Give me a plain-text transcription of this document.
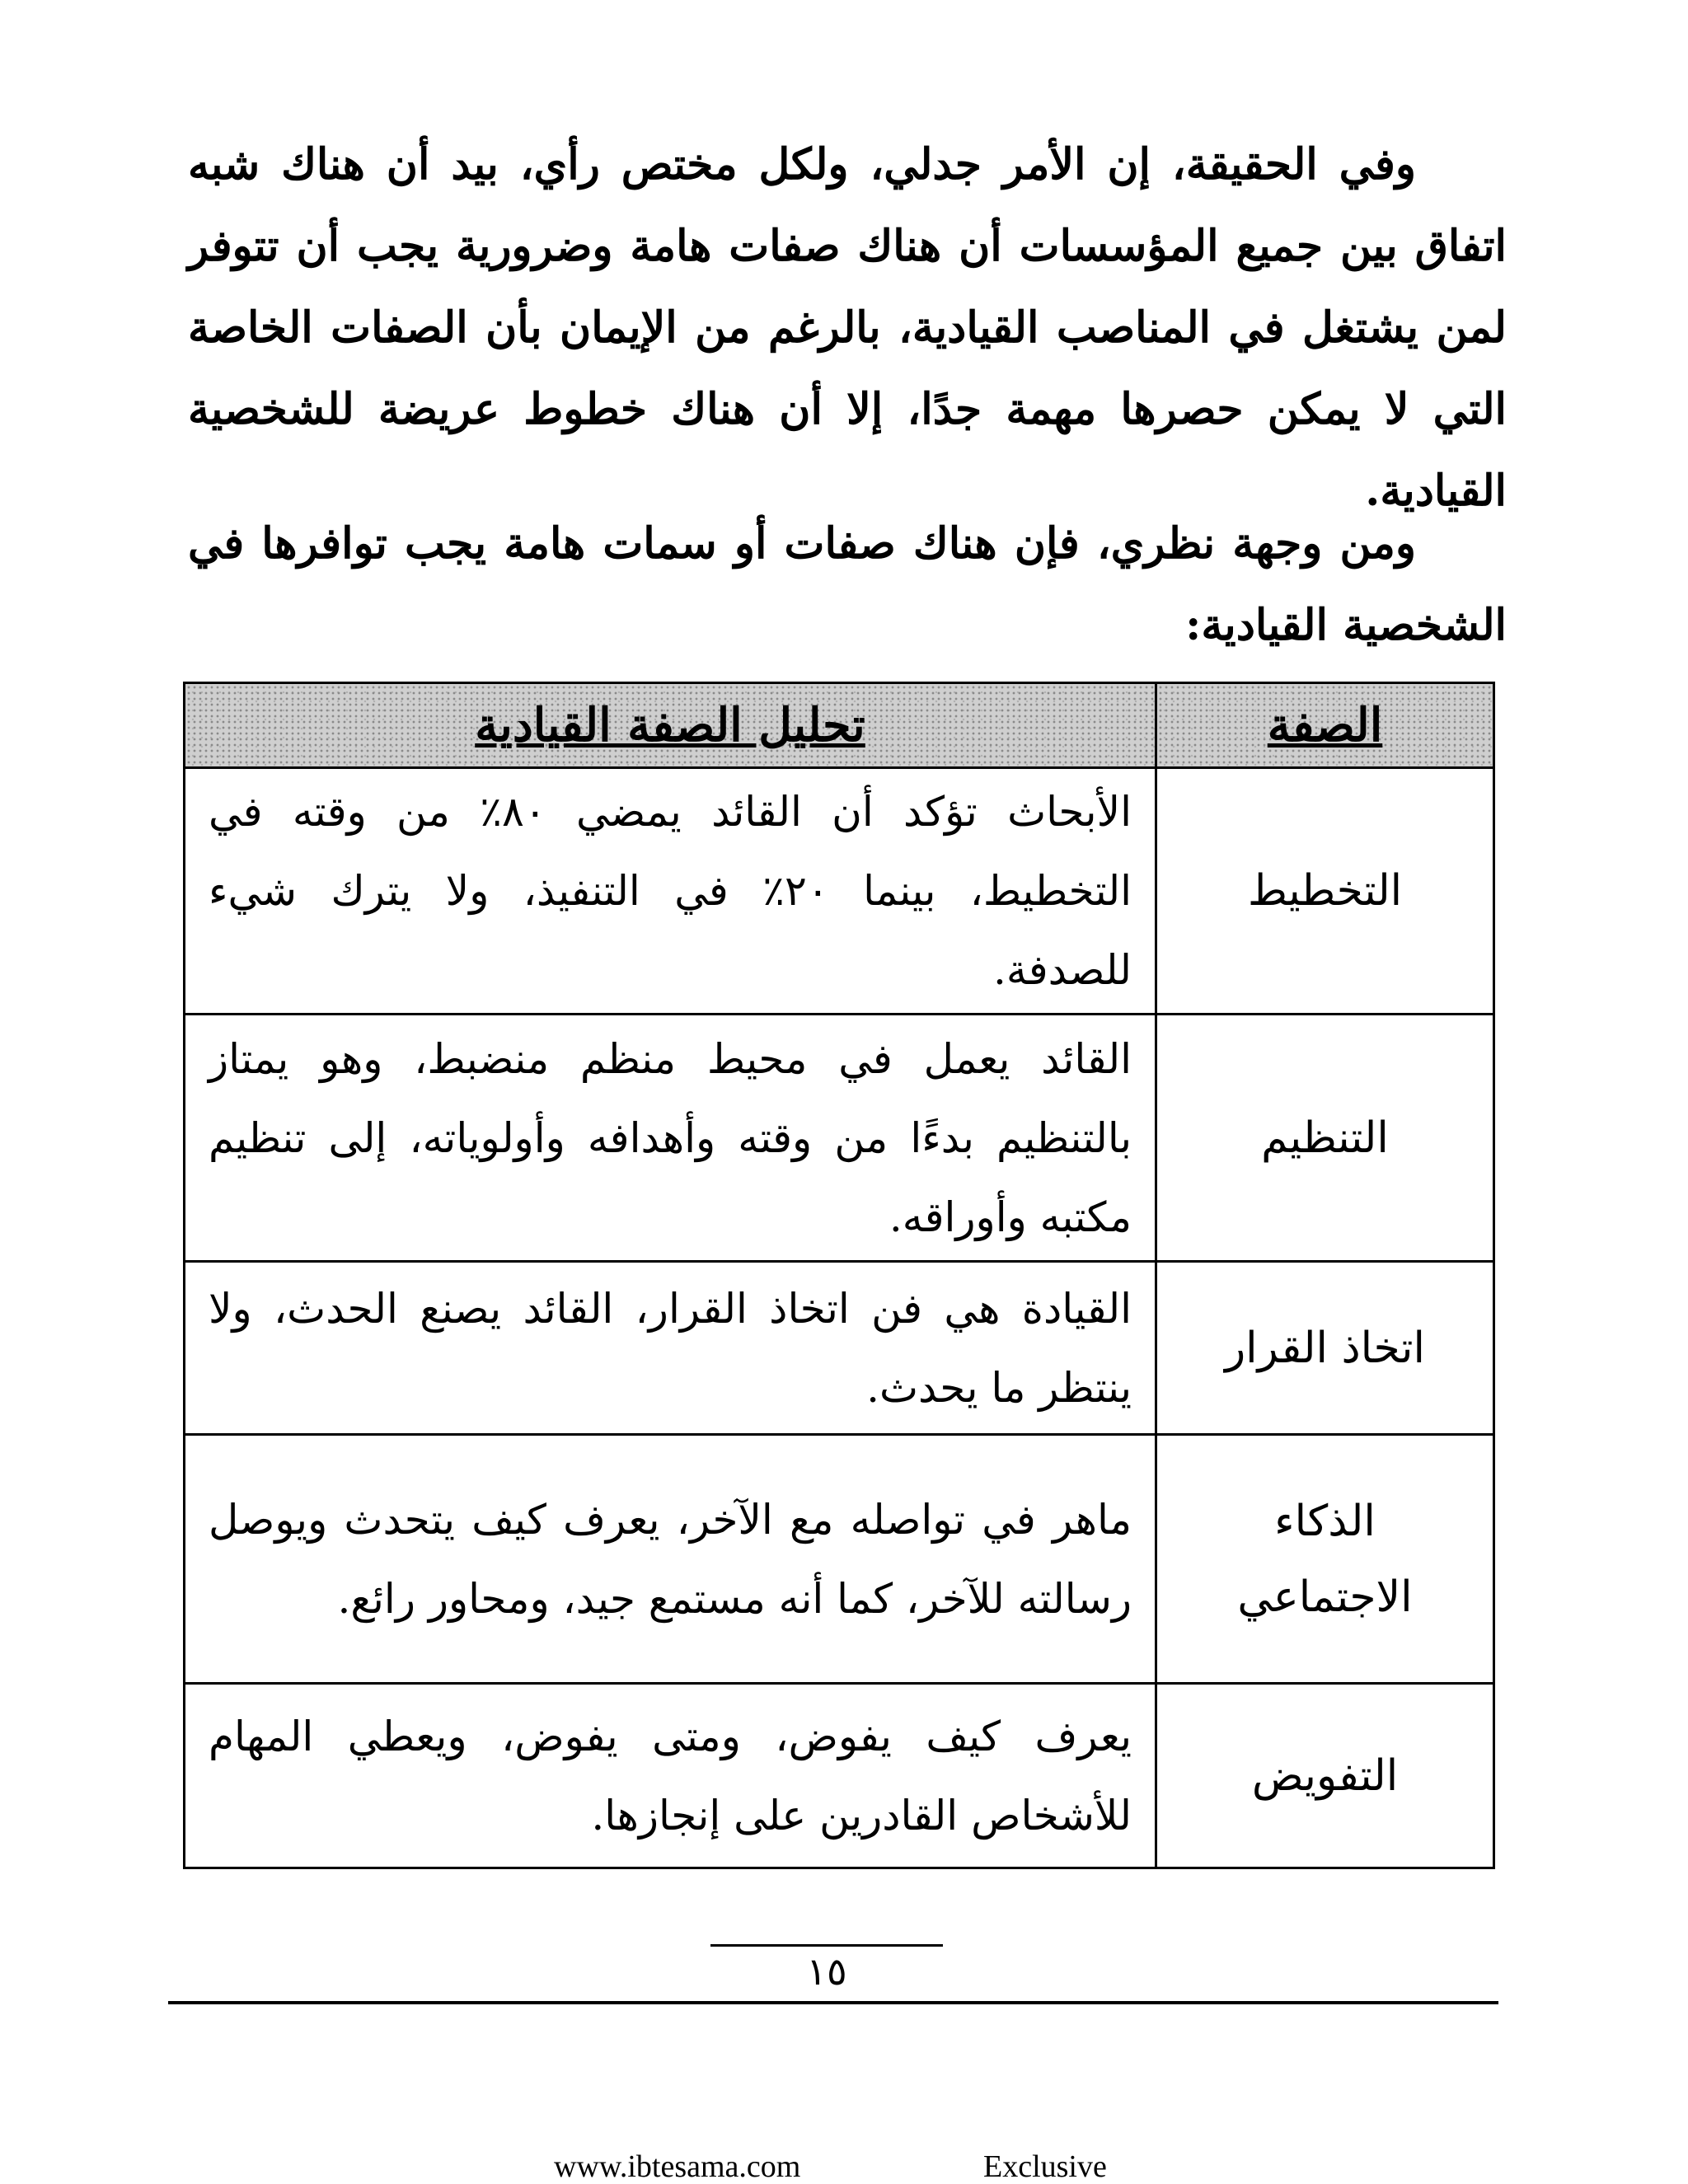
وفي الحقيقة، إن الأمر جدلي، ولكل مختص رأي، بيد أن هناك شبه اتفاق بين جميع المؤسسات أن هناك صفات هامة وضرورية يجب أن تتوفر لمن يشتغل في المناصب القيادية، بالرغم من الإيمان بأن الصفات الخاصة التي لا يمكن حصرها مهمة جدًا، إلا أن هناك خطوط عريضة للشخصية القيادية.

ومن وجهة نظري، فإن هناك صفات أو سمات هامة يجب توافرها في الشخصية القيادية:

الصفة	تحليل الصفة القيادية
التخطيط	الأبحاث تؤكد أن القائد يمضي ٨٠٪ من وقته في التخطيط، بينما ٢٠٪ في التنفيذ، ولا يترك شيء للصدفة.
التنظيم	القائد يعمل في محيط منظم منضبط، وهو يمتاز بالتنظيم بدءًا من وقته وأهدافه وأولوياته، إلى تنظيم مكتبه وأوراقه.
اتخاذ القرار	القيادة هي فن اتخاذ القرار، القائد يصنع الحدث، ولا ينتظر ما يحدث.
الذكاء الاجتماعي	ماهر في تواصله مع الآخر، يعرف كيف يتحدث ويوصل رسالته للآخر، كما أنه مستمع جيد، ومحاور رائع.
التفويض	يعرف كيف يفوض، ومتى يفوض، ويعطي المهام للأشخاص القادرين على إنجازها.
١٥
www.ibtesama.com	Exclusive
